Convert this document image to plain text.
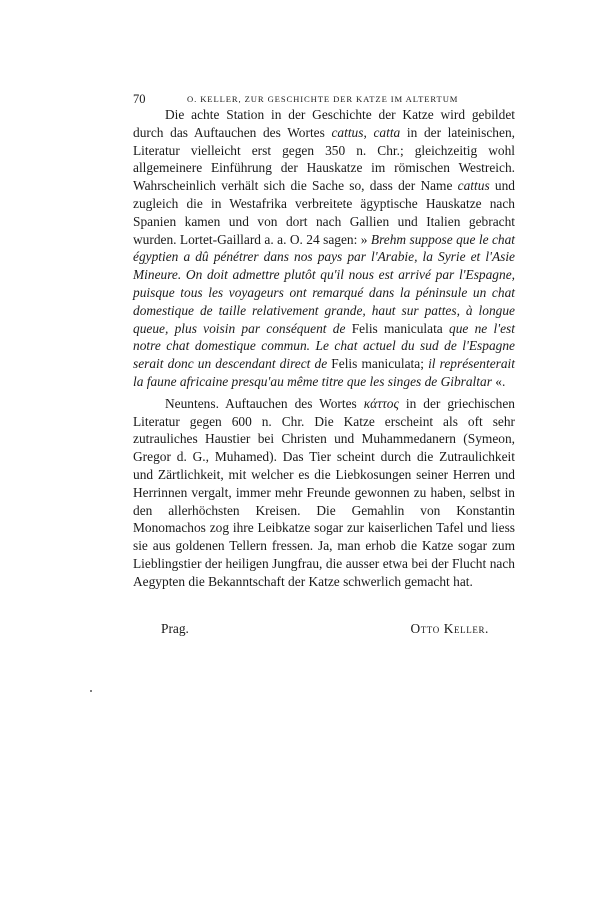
70	O. KELLER, ZUR GESCHICHTE DER KATZE IM ALTERTUM

Die achte Station in der Geschichte der Katze wird gebildet durch das Auftauchen des Wortes cattus, catta in der lateinischen, Literatur vielleicht erst gegen 350 n. Chr.; gleichzeitig wohl allgemeinere Einführung der Hauskatze im römischen Westreich. Wahrscheinlich verhält sich die Sache so, dass der Name cattus und zugleich die in Westafrika verbreitete ägyptische Hauskatze nach Spanien kamen und von dort nach Gallien und Italien gebracht wurden. Lortet-Gaillard a. a. O. 24 sagen: » Brehm suppose que le chat égyptien a dû pénétrer dans nos pays par l'Arabie, la Syrie et l'Asie Mineure. On doit admettre plutôt qu'il nous est arrivé par l'Espagne, puisque tous les voyageurs ont remarqué dans la péninsule un chat domestique de taille relativement grande, haut sur pattes, à longue queue, plus voisin par conséquent de Felis maniculata que ne l'est notre chat domestique commun. Le chat actuel du sud de l'Espagne serait donc un descendant direct de Felis maniculata; il représenterait la faune africaine presqu'au même titre que les singes de Gibraltar «.

Neuntens. Auftauchen des Wortes κάττος in der griechischen Literatur gegen 600 n. Chr. Die Katze erscheint als oft sehr zutrauliches Haustier bei Christen und Muhammedanern (Symeon, Gregor d. G., Muhamed). Das Tier scheint durch die Zutraulichkeit und Zärtlichkeit, mit welcher es die Liebkosungen seiner Herren und Herrinnen vergalt, immer mehr Freunde gewonnen zu haben, selbst in den allerhöchsten Kreisen. Die Gemahlin von Konstantin Monomachos zog ihre Leibkatze sogar zur kaiserlichen Tafel und liess sie aus goldenen Tellern fressen. Ja, man erhob die Katze sogar zum Lieblingstier der heiligen Jungfrau, die ausser etwa bei der Flucht nach Aegypten die Bekanntschaft der Katze schwerlich gemacht hat.

Prag.	Otto Keller.
